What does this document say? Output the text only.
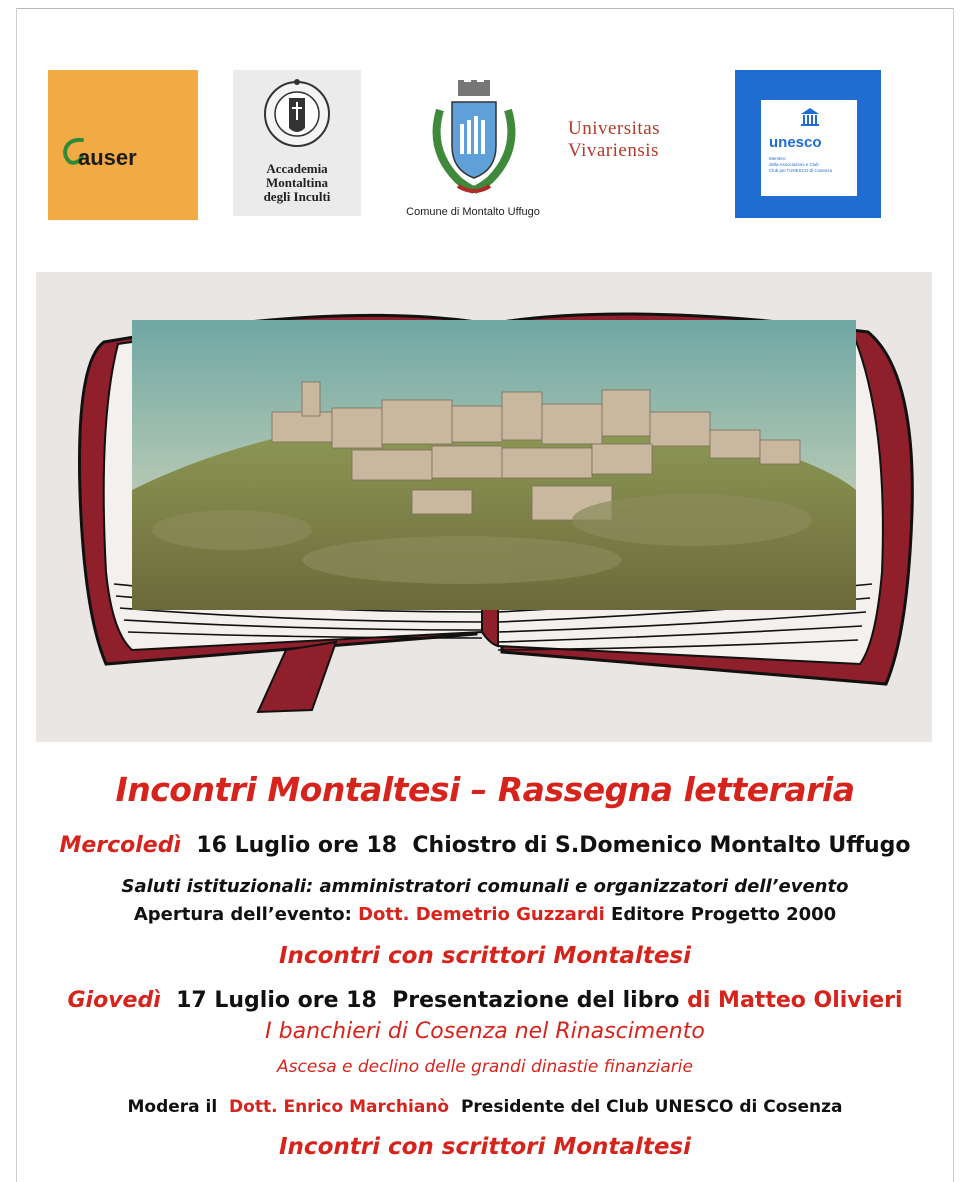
auser	Accademia
Montaltina
degli Inculti
Comune di Montalto Uffugo
Universitas
Vivariensis	unesco
Membro
della Associazioni e Club
Club per l'UNESCO di Cosenza
Incontri Montaltesi – Rassegna letteraria
Mercoledì 16 Luglio ore 18 Chiostro di S.Domenico Montalto Uffugo
Saluti istituzionali: amministratori comunali e organizzatori dell’evento
Apertura dell’evento: Dott. Demetrio Guzzardi Editore Progetto 2000
Incontri con scrittori Montaltesi
Giovedì 17 Luglio ore 18 Presentazione del libro di Matteo Olivieri
I banchieri di Cosenza nel Rinascimento
Ascesa e declino delle grandi dinastie finanziarie
Modera il Dott. Enrico Marchianò Presidente del Club UNESCO di Cosenza
Incontri con scrittori Montaltesi
